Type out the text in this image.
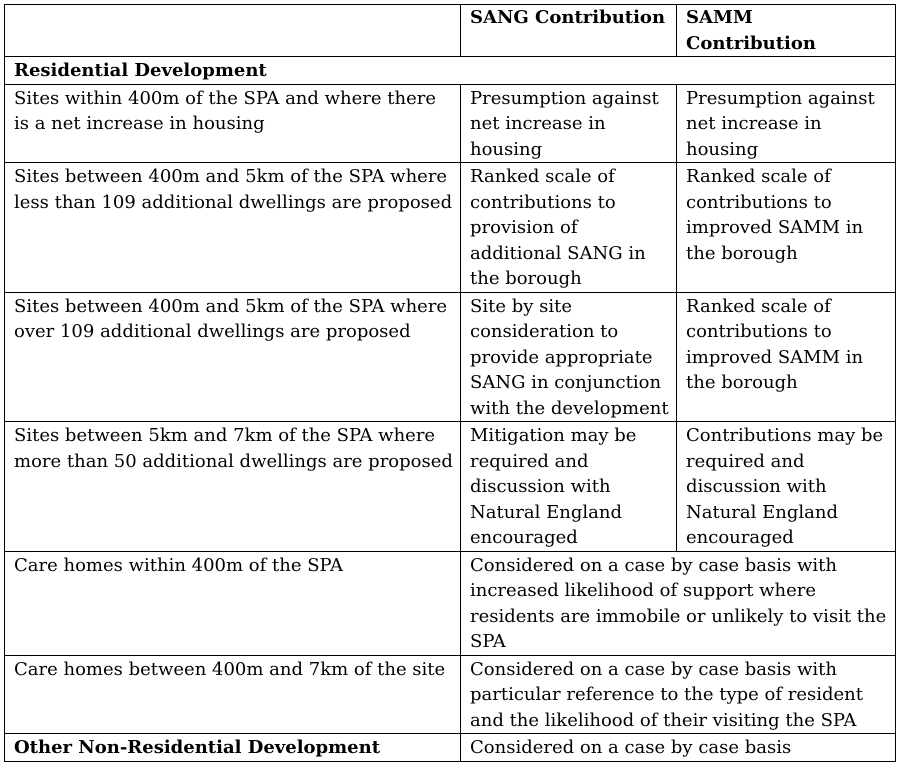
	SANG Contribution	SAMM Contribution
Residential Development		
Sites within 400m of the SPA and where there is a net increase in housing	Presumption against net increase in housing	Presumption against net increase in housing
Sites between 400m and 5km of the SPA where less than 109 additional dwellings are proposed	Ranked scale of contributions to provision of additional SANG in the borough	Ranked scale of contributions to improved SAMM in the borough
Sites between 400m and 5km of the SPA where over 109 additional dwellings are proposed	Site by site consideration to provide appropriate SANG in conjunction with the development	Ranked scale of contributions to improved SAMM in the borough
Sites between 5km and 7km of the SPA where more than 50 additional dwellings are proposed	Mitigation may be required and discussion with Natural England encouraged	Contributions may be required and discussion with Natural England encouraged
Care homes within 400m of the SPA	Considered on a case by case basis with increased likelihood of support where residents are immobile or unlikely to visit the SPA	
Care homes between 400m and 7km of the site	Considered on a case by case basis with particular reference to the type of resident and the likelihood of their visiting the SPA	
Other Non-Residential Development	Considered on a case by case basis	
